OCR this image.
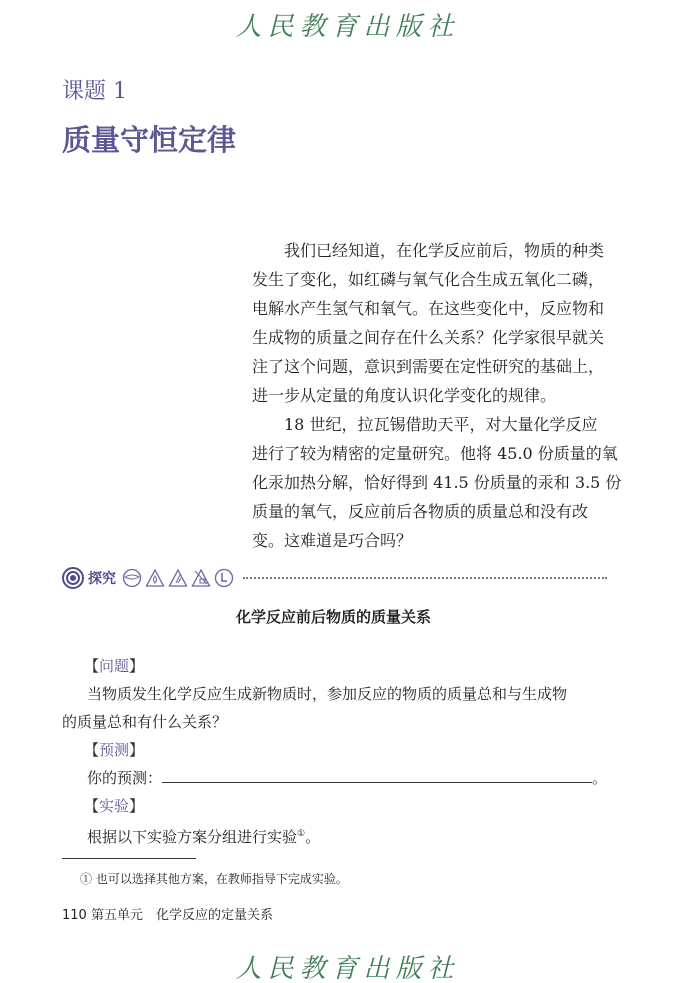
人民教育出版社
课题 1
质量守恒定律
　　我们已经知道，在化学反应前后，物质的种类
发生了变化，如红磷与氧气化合生成五氧化二磷，
电解水产生氢气和氧气。在这些变化中，反应物和
生成物的质量之间存在什么关系？化学家很早就关
注了这个问题，意识到需要在定性研究的基础上，
进一步从定量的角度认识化学变化的规律。
　　18 世纪，拉瓦锡借助天平，对大量化学反应
进行了较为精密的定量研究。他将 45.0 份质量的氧
化汞加热分解，恰好得到 41.5 份质量的汞和 3.5 份
质量的氧气，反应前后各物质的质量总和没有改
变。这难道是巧合吗？
探究
化学反应前后物质的质量关系
【问题】
当物质发生化学反应生成新物质时，参加反应的物质的质量总和与生成物
的质量总和有什么关系？
【预测】
你的预测：	。
【实验】
根据以下实验方案分组进行实验①。
① 也可以选择其他方案，在教师指导下完成实验。
110 第五单元　化学反应的定量关系
人民教育出版社
